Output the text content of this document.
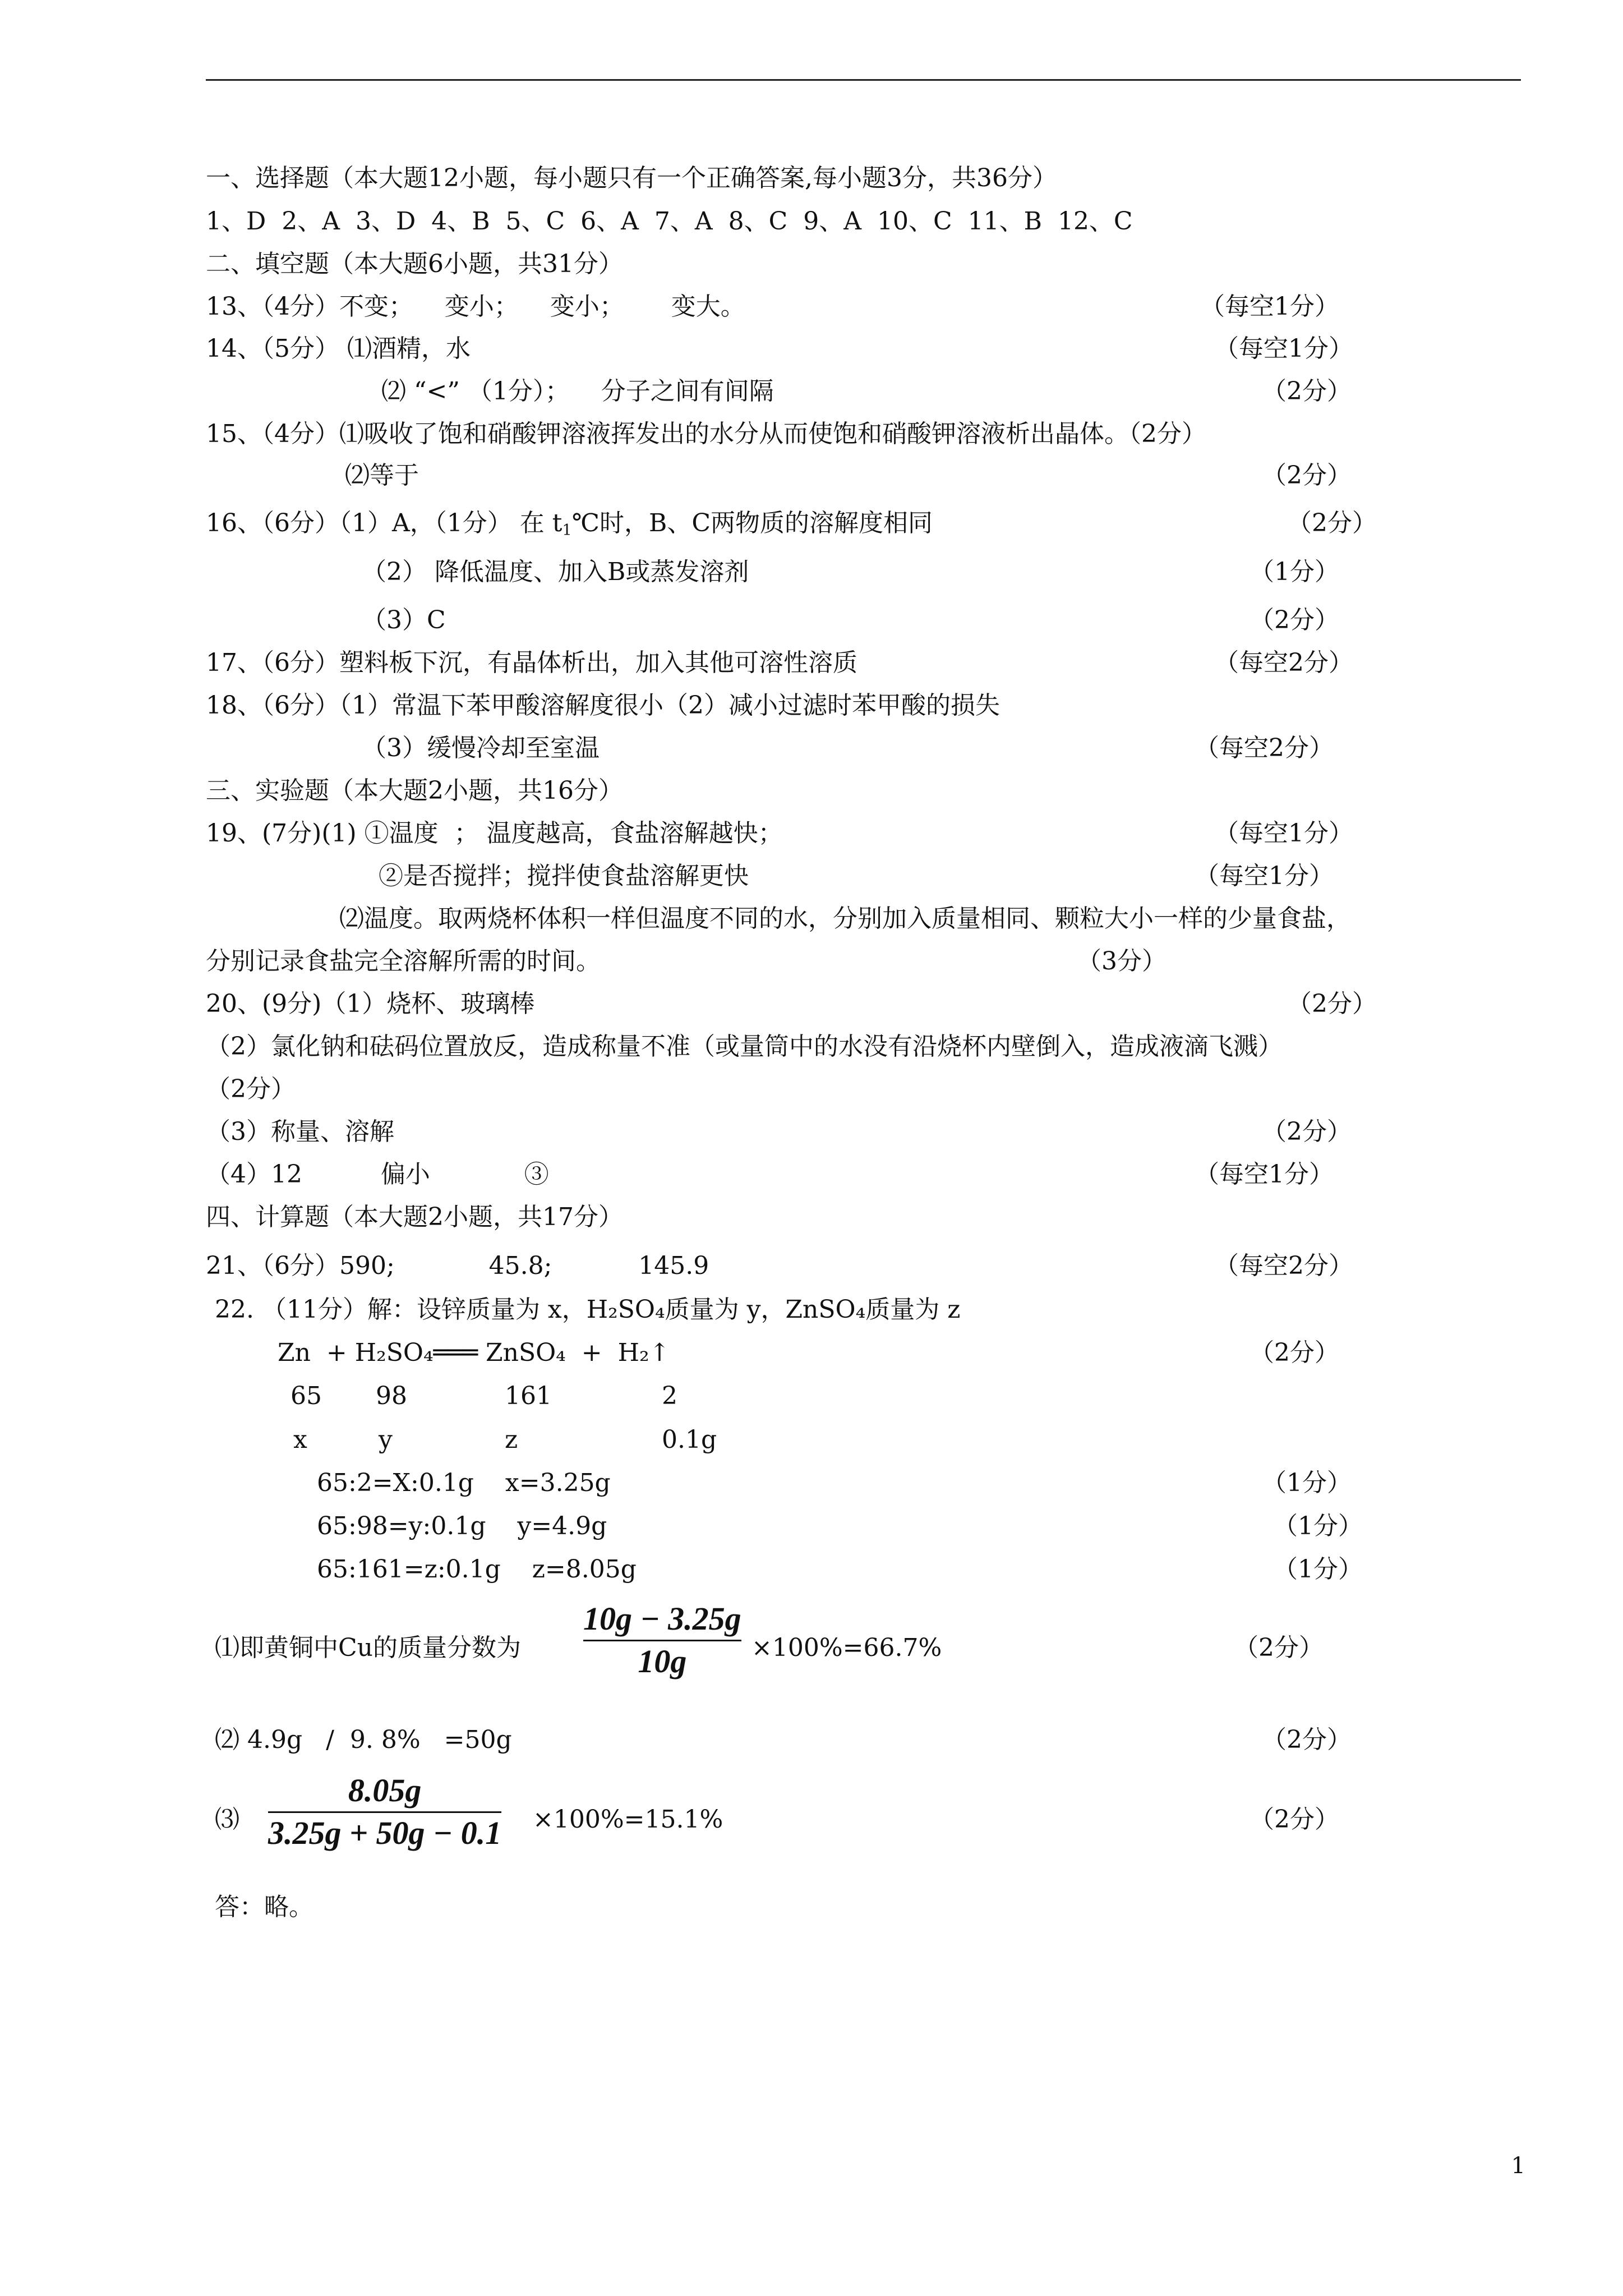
一、选择题（本大题12小题，每小题只有一个正确答案,每小题3分，共36分）
1、D  2、A  3、D  4、B  5、C  6、A  7、A  8、C  9、A  10、C  11、B  12、C
二、填空题（本大题6小题，共31分）
13、（4分）不变；    变小；    变小；      变大。	（每空1分）
14、（5分） ⑴酒精，水	（每空1分）
⑵ “<” （1分）；    分子之间有间隔	（2分）
15、（4分）⑴吸收了饱和硝酸钾溶液挥发出的水分从而使饱和硝酸钾溶液析出晶体。（2分）
⑵等于	（2分）
16、（6分）（1）A，（1分） 在 $t_1℃$时，B、C两物质的溶解度相同	（2分）
（2） 降低温度、加入B或蒸发溶剂	（1分）
（3）C	（2分）
17、（6分）塑料板下沉，有晶体析出，加入其他可溶性溶质	（每空2分）
18、（6分）（1）常温下苯甲酸溶解度很小（2）减小过滤时苯甲酸的损失
（3）缓慢冷却至室温	（每空2分）
三、实验题（本大题2小题，共16分）
19、(7分)(1) ①温度  ； 温度越高，食盐溶解越快；	（每空1分）
②是否搅拌；搅拌使食盐溶解更快	（每空1分）
⑵温度。取两烧杯体积一样但温度不同的水，分别加入质量相同、颗粒大小一样的少量食盐，
分别记录食盐完全溶解所需的时间。	（3分）
20、(9分)（1）烧杯、玻璃棒	（2分）
（2）氯化钠和砝码位置放反，造成称量不准（或量筒中的水没有沿烧杯内壁倒入，造成液滴飞溅）
（2分）
（3）称量、溶解	（2分）
（4）12          偏小            ③	（每空1分）
四、计算题（本大题2小题，共17分）
21、（6分）590;            45.8;           145.9	（每空2分）
22. （11分）解：设锌质量为 x，H₂SO₄质量为 y，ZnSO₄质量为 z
Zn  + H₂SO₄═══ ZnSO₄  +  H₂↑	（2分）
65 98	161	2
x	y	z	0.1g
65:2=X:0.1g    x=3.25g	（1分）
65:98=y:0.1g    y=4.9g	（1分）
65:161=z:0.1g    z=8.05g	（1分）
⑴即黄铜中Cu的质量分数为
10g − 3.25g
10g	×100%=66.7%	（2分）
⑵ 4.9g   /  9. 8%   =50g	（2分）
⑶
8.05g
3.25g + 50g − 0.1 ×100%=15.1%	（2分）
答：略。
1
